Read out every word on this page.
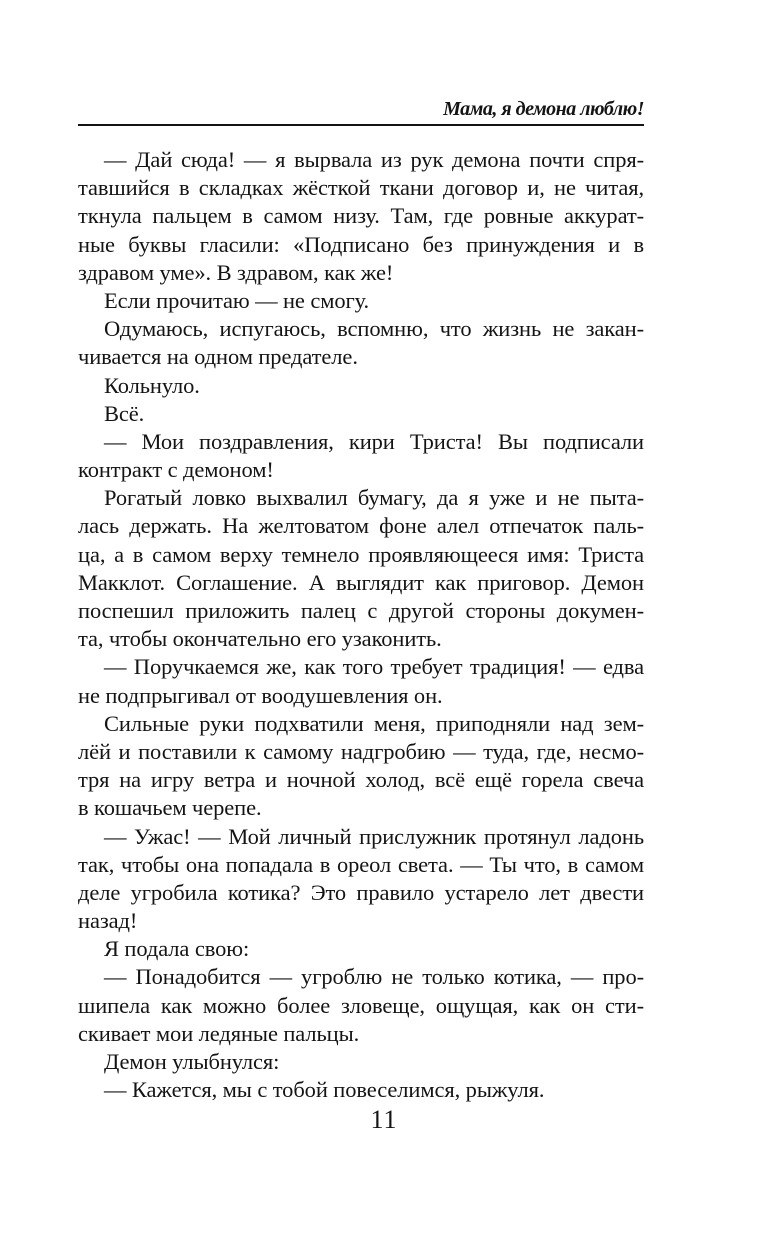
Мама, я демона люблю!
— Дай сюда! — я вырвала из рук демона почти спря-
тавшийся в складках жёсткой ткани договор и, не читая,
ткнула пальцем в самом низу. Там, где ровные аккурат-
ные буквы гласили: «Подписано без принуждения и в
здравом уме». В здравом, как же!
Если прочитаю — не смогу.
Одумаюсь, испугаюсь, вспомню, что жизнь не закан-
чивается на одном предателе.
Кольнуло.
Всё.
— Мои поздравления, кири Триста! Вы подписали
контракт с демоном!
Рогатый ловко выхвалил бумагу, да я уже и не пыта-
лась держать. На желтоватом фоне алел отпечаток паль-
ца, а в самом верху темнело проявляющееся имя: Триста
Макклот. Соглашение. А выглядит как приговор. Демон
поспешил приложить палец с другой стороны докумен-
та, чтобы окончательно его узаконить.
— Поручкаемся же, как того требует традиция! — едва
не подпрыгивал от воодушевления он.
Сильные руки подхватили меня, приподняли над зем-
лёй и поставили к самому надгробию — туда, где, несмо-
тря на игру ветра и ночной холод, всё ещё горела свеча
в кошачьем черепе.
— Ужас! — Мой личный прислужник протянул ладонь
так, чтобы она попадала в ореол света. — Ты что, в самом
деле угробила котика? Это правило устарело лет двести
назад!
Я подала свою:
— Понадобится — угроблю не только котика, — про-
шипела как можно более зловеще, ощущая, как он сти-
скивает мои ледяные пальцы.
Демон улыбнулся:
— Кажется, мы с тобой повеселимся, рыжуля.
11
